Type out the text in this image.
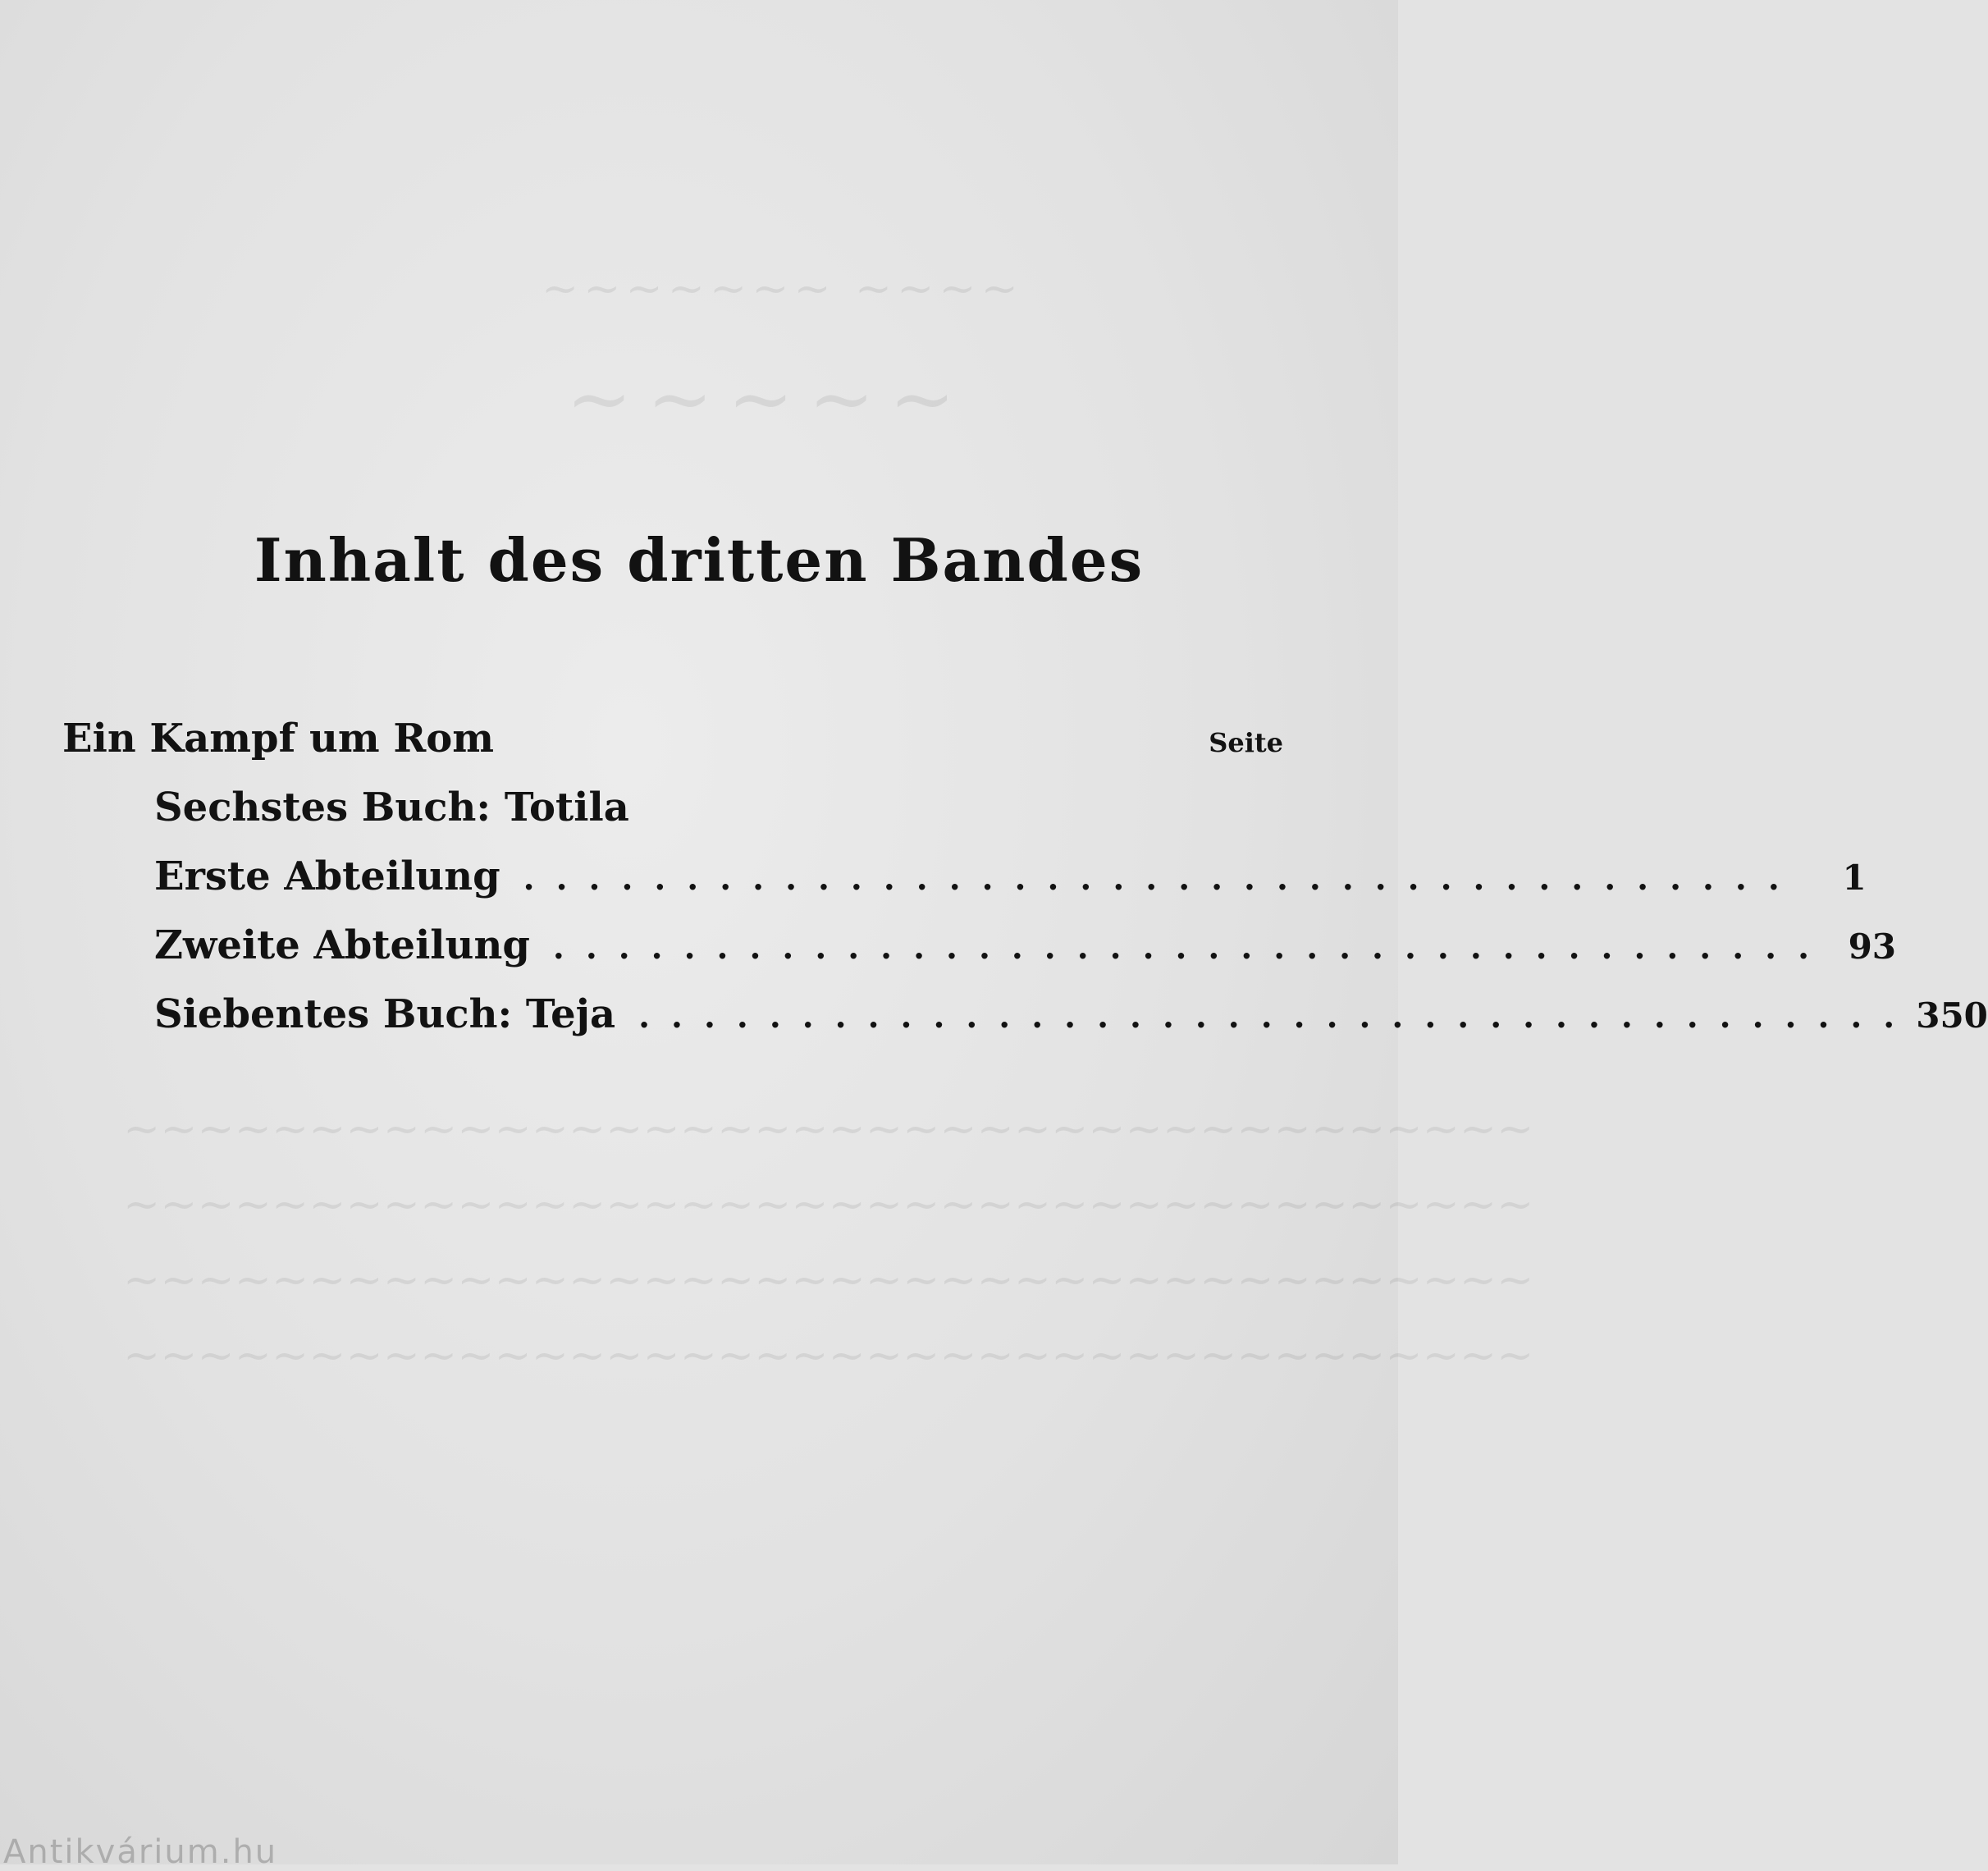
~~~~~~~ ~~~~
~~~~~
~~~~~~~~~~~~~~~~~~~~~~~~~~~~~~~~~~~~~~
~~~~~~~~~~~~~~~~~~~~~~~~~~~~~~~~~~~~~~
~~~~~~~~~~~~~~~~~~~~~~~~~~~~~~~~~~~~~~
~~~~~~~~~~~~~~~~~~~~~~~~~~~~~~~~~~~~~~
Inhalt des dritten Bandes
Ein Kampf um Rom	Seite
Sechstes Buch: Totila
Erste Abteilung .......................................	1
Zweite Abteilung ....................................... 93
Siebentes Buch: Teja ....................................... 350
Antikvárium.hu
